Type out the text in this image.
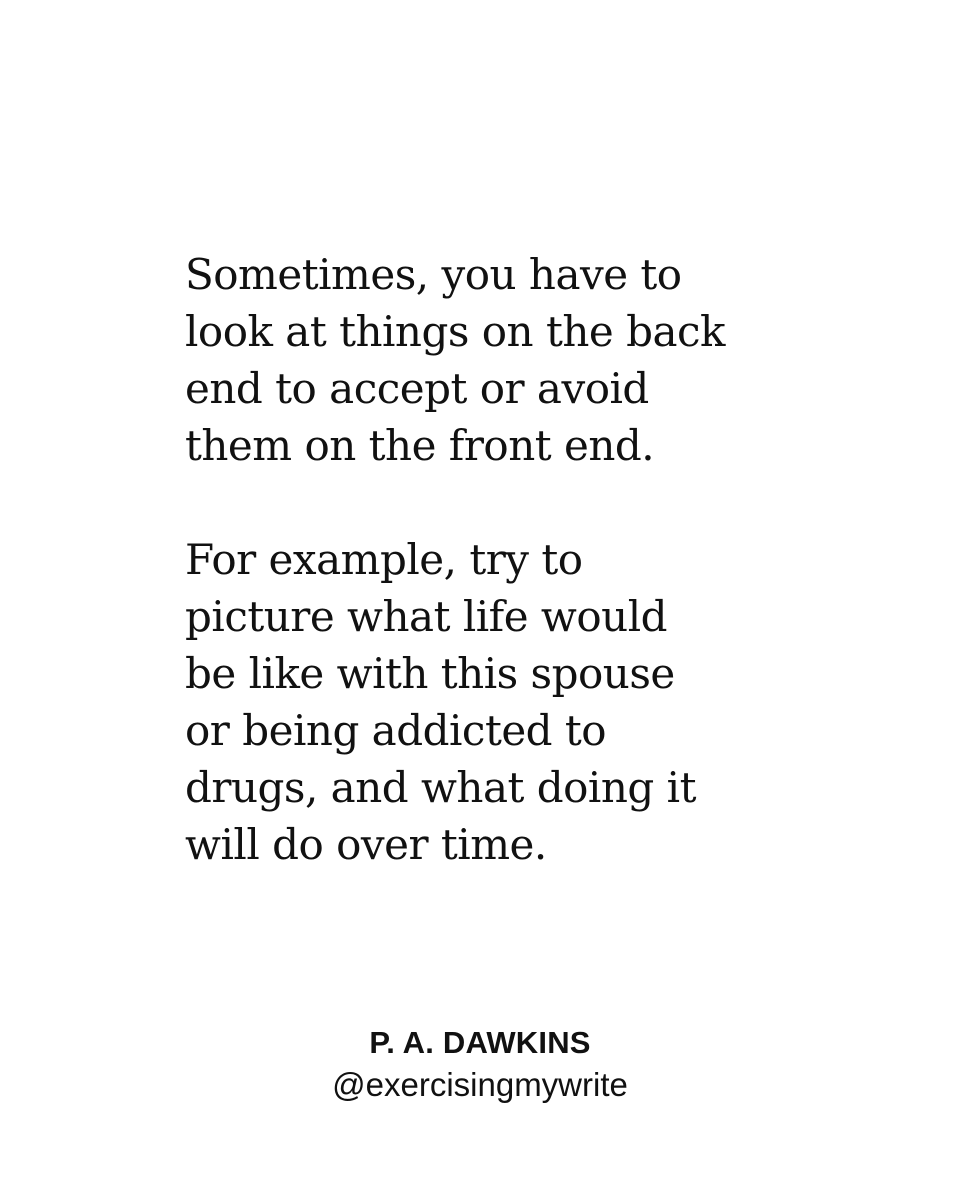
Sometimes, you have to
look at things on the back
end to accept or avoid
them on the front end.
For example, try to
picture what life would
be like with this spouse
or being addicted to
drugs, and what doing it
will do over time.
P. A. DAWKINS
@exercisingmywrite
